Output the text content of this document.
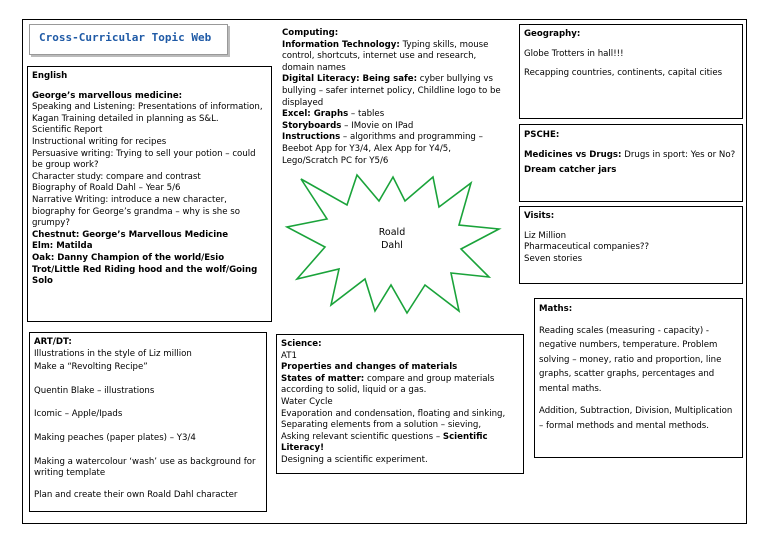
Cross-Curricular Topic Web
English
George’s marvellous medicine:
Speaking and Listening: Presentations of information, Kagan Training detailed in planning as S&L.
Scientific Report
Instructional writing for recipes
Persuasive writing: Trying to sell your potion – could be group work?
Character study: compare and contrast
Biography of Roald Dahl – Year 5/6
Narrative Writing: introduce a new character, biography for George’s grandma – why is she so grumpy?
Chestnut: George’s Marvellous Medicine
Elm: Matilda
Oak: Danny Champion of the world/Esio Trot/Little Red Riding hood and the wolf/Going Solo
Computing:
Information Technology: Typing skills, mouse control, shortcuts, internet use and research, domain names
Digital Literacy: Being safe: cyber bullying vs bullying – safer internet policy, Childline logo to be displayed
Excel: Graphs – tables
Storyboards – IMovie on IPad
Instructions – algorithms and programming – Beebot App for Y3/4, Alex App for Y4/5, Lego/Scratch PC for Y5/6
Roald
Dahl
Geography:
Globe Trotters in hall!!!
Recapping countries, continents, capital cities
PSCHE:
Medicines vs Drugs: Drugs in sport: Yes or No?
Dream catcher jars
Visits:
Liz Million
Pharmaceutical companies??
Seven stories
Maths:
Reading scales (measuring - capacity) - negative numbers, temperature. Problem solving – money, ratio and proportion, line graphs, scatter graphs, percentages and mental maths.
Addition, Subtraction, Division, Multiplication – formal methods and mental methods.
Science:
AT1
Properties and changes of materials
States of matter: compare and group materials according to solid, liquid or a gas.
Water Cycle
Evaporation and condensation, floating and sinking,
Separating elements from a solution – sieving,
Asking relevant scientific questions – Scientific Literacy!
Designing a scientific experiment.
ART/DT:
Illustrations in the style of Liz million
Make a “Revolting Recipe”
Quentin Blake – illustrations
Icomic – Apple/Ipads
Making peaches (paper plates) – Y3/4
Making a watercolour ‘wash’ use as background for writing template
Plan and create their own Roald Dahl character
